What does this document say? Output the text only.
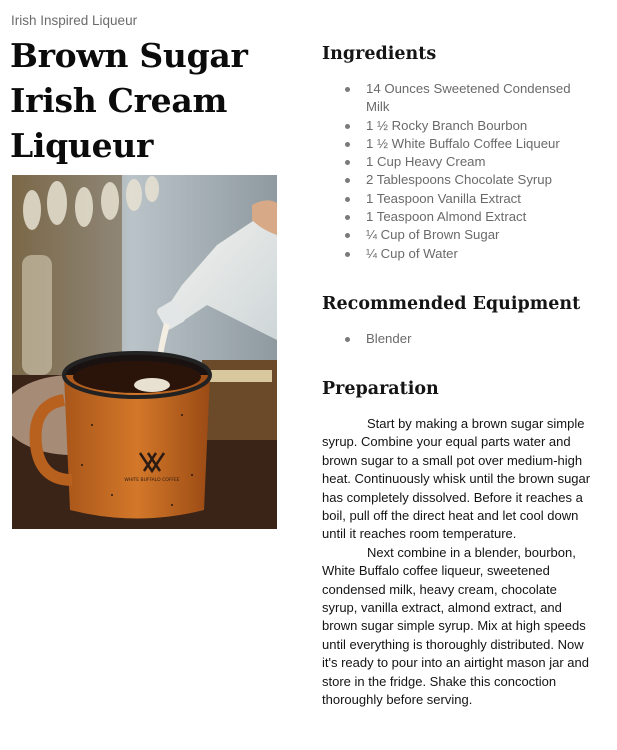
Irish Inspired Liqueur
Brown Sugar Irish Cream Liqueur
WHITE BUFFALO COFFEE
Ingredients
14 Ounces Sweetened Condensed Milk
1 ½ Rocky Branch Bourbon
1 ½ White Buffalo Coffee Liqueur
1 Cup Heavy Cream
2 Tablespoons Chocolate Syrup
1 Teaspoon Vanilla Extract
1 Teaspoon Almond Extract
¼ Cup of Brown Sugar
¼ Cup of Water
Recommended Equipment
Blender
Preparation

Start by making a brown sugar simple syrup. Combine your equal parts water and brown sugar to a small pot over medium-high heat. Continuously whisk until the brown sugar has completely dissolved. Before it reaches a boil, pull off the direct heat and let cool down until it reaches room temperature.

Next combine in a blender, bourbon, White Buffalo coffee liqueur, sweetened condensed milk, heavy cream, chocolate syrup, vanilla extract, almond extract, and brown sugar simple syrup. Mix at high speeds until everything is thoroughly distributed. Now it's ready to pour into an airtight mason jar and store in the fridge. Shake this concoction thoroughly before serving.
